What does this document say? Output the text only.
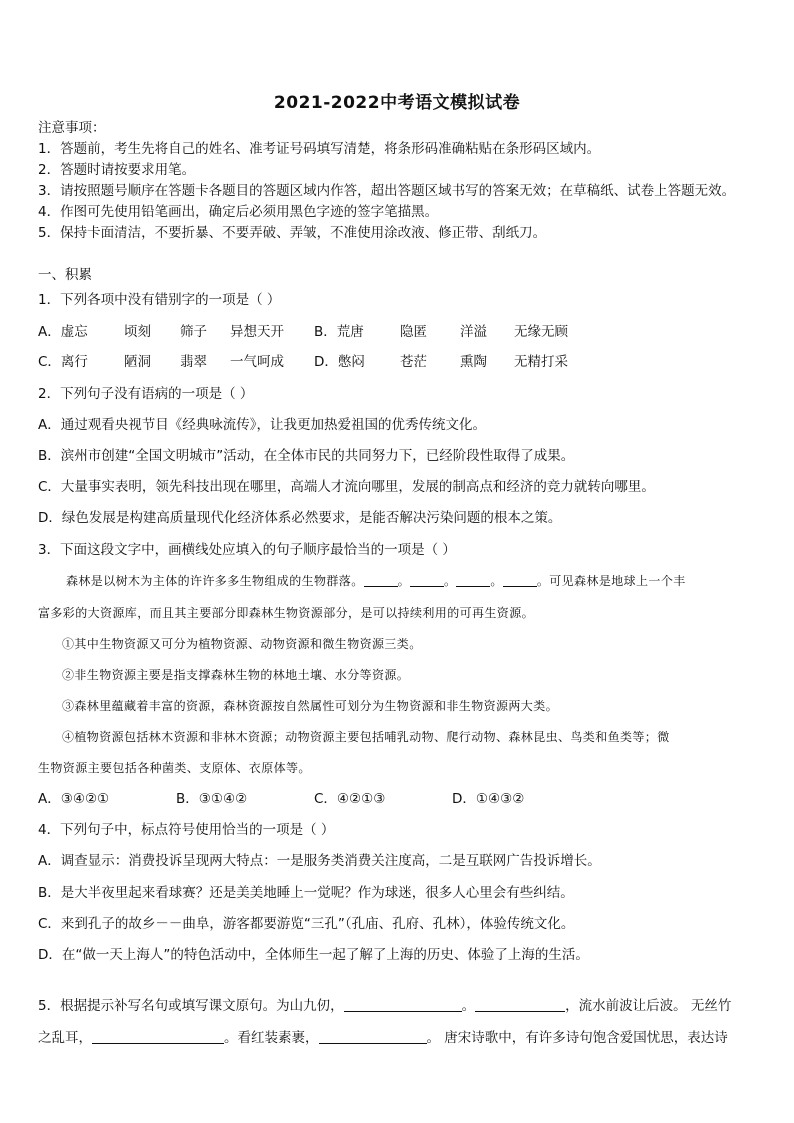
2021-2022中考语文模拟试卷
注意事项：
1．答题前，考生先将自己的姓名、准考证号码填写清楚，将条形码准确粘贴在条形码区域内。
2．答题时请按要求用笔。
3．请按照题号顺序在答题卡各题目的答题区域内作答，超出答题区域书写的答案无效；在草稿纸、试卷上答题无效。
4．作图可先使用铅笔画出，确定后必须用黑色字迹的签字笔描黑。
5．保持卡面清洁，不要折暴、不要弄破、弄皱，不准使用涂改液、修正带、刮纸刀。
一、积累
1．下列各项中没有错别字的一项是（ ）
A．虚忘	顷刻 筛子 异想天开 B．荒唐	隐匿 洋溢 无缘无顾
C．离行	陋洞 翡翠 一气呵成 D．憋闷	苍茫 熏陶 无精打采
2．下列句子没有语病的一项是（ ）
A．通过观看央视节目《经典咏流传》，让我更加热爱祖国的优秀传统文化。
B．滨州市创建“全国文明城市”活动，在全体市民的共同努力下，已经阶段性取得了成果。
C．大量事实表明，领先科技出现在哪里，高端人才流向哪里，发展的制高点和经济的竞力就转向哪里。
D．绿色发展是构建高质量现代化经济体系必然要求，是能否解决污染问题的根本之策。
3．下面这段文字中，画横线处应填入的句子顺序最恰当的一项是（ ）
森林是以树木为主体的许许多多生物组成的生物群落。	。	。	。	。可见森林是地球上一个丰
富多彩的大资源库，而且其主要部分即森林生物资源部分，是可以持续利用的可再生资源。
①其中生物资源又可分为植物资源、动物资源和微生物资源三类。
②非生物资源主要是指支撑森林生物的林地土壤、水分等资源。
③森林里蕴藏着丰富的资源，森林资源按自然属性可划分为生物资源和非生物资源两大类。
④植物资源包括林木资源和非林木资源；动物资源主要包括哺乳动物、爬行动物、森林昆虫、鸟类和鱼类等；微
生物资源主要包括各种菌类、支原体、衣原体等。
A．③④②①	B．③①④②	C．④②①③	D．①④③②
4．下列句子中，标点符号使用恰当的一项是（ ）
A．调查显示：消费投诉呈现两大特点：一是服务类消费关注度高，二是互联网广告投诉增长。
B．是大半夜里起来看球赛？还是美美地睡上一觉呢？作为球迷，很多人心里会有些纠结。
C．来到孔子的故乡－－曲阜，游客都要游览“三孔”（孔庙、孔府、孔林），体验传统文化。
D．在“做一天上海人”的特色活动中，全体师生一起了解了上海的历史、体验了上海的生活。
5．根据提示补写名句或填写课文原句。为山九仞，	。	，流水前波让后波。 无丝竹
之乱耳，	。看红装素裹，	。 唐宋诗歌中，有许多诗句饱含爱国忧思，表达诗
